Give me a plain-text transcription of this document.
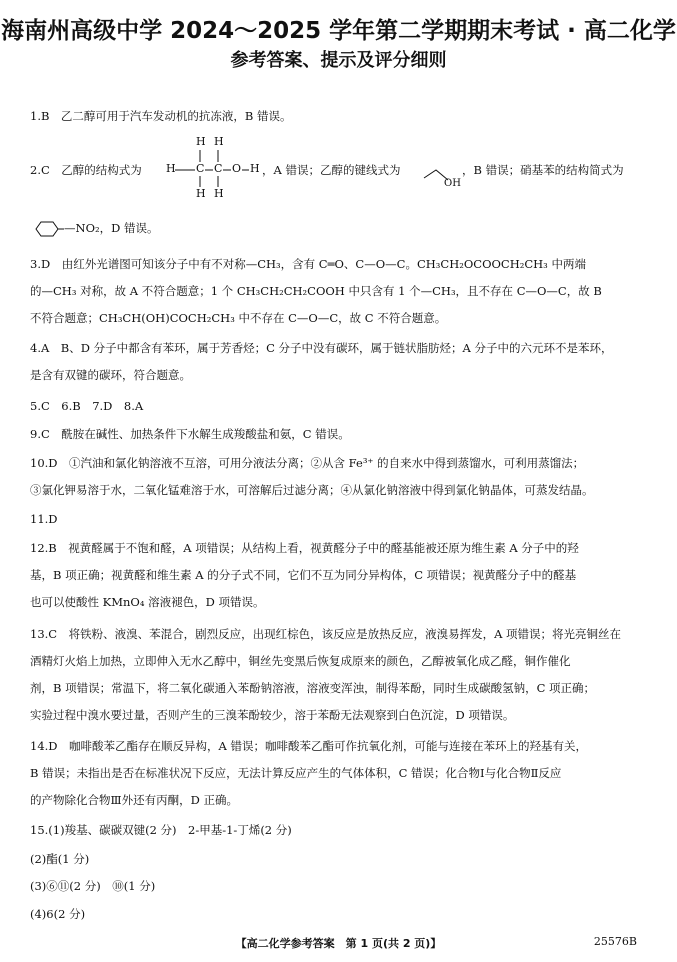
海南州高级中学 2024～2025 学年第二学期期末考试 · 高二化学
参考答案、提示及评分细则
1.B　乙二醇可用于汽车发动机的抗冻液，B 错误。
2.C　乙醇的结构式为
H H
H C C O H
H H
，A 错误；乙醇的键线式为
OH
，B 错误；硝基苯的结构简式为
—NO₂，D 错误。
3.D　由红外光谱图可知该分子中有不对称—CH₃，含有 C═O、C—O—C。CH₃CH₂OCOOCH₂CH₃ 中两端
的—CH₃ 对称，故 A 不符合题意；1 个 CH₃CH₂CH₂COOH 中只含有 1 个—CH₃，且不存在 C—O—C，故 B
不符合题意；CH₃CH(OH)COCH₂CH₃ 中不存在 C—O—C，故 C 不符合题意。
4.A　B、D 分子中都含有苯环，属于芳香烃；C 分子中没有碳环，属于链状脂肪烃；A 分子中的六元环不是苯环，
是含有双键的碳环，符合题意。
5.C　6.B　7.D　8.A
9.C　酰胺在碱性、加热条件下水解生成羧酸盐和氨，C 错误。
10.D　①汽油和氯化钠溶液不互溶，可用分液法分离；②从含 Fe³⁺ 的自来水中得到蒸馏水，可利用蒸馏法；
③氯化钾易溶于水，二氧化锰难溶于水，可溶解后过滤分离；④从氯化钠溶液中得到氯化钠晶体，可蒸发结晶。
11.D
12.B　视黄醛属于不饱和醛，A 项错误；从结构上看，视黄醛分子中的醛基能被还原为维生素 A 分子中的羟
基，B 项正确；视黄醛和维生素 A 的分子式不同，它们不互为同分异构体，C 项错误；视黄醛分子中的醛基
也可以使酸性 KMnO₄ 溶液褪色，D 项错误。
13.C　将铁粉、液溴、苯混合，剧烈反应，出现红棕色，该反应是放热反应，液溴易挥发，A 项错误；将光亮铜丝在
酒精灯火焰上加热，立即伸入无水乙醇中，铜丝先变黑后恢复成原来的颜色，乙醇被氧化成乙醛，铜作催化
剂，B 项错误；常温下，将二氧化碳通入苯酚钠溶液，溶液变浑浊，制得苯酚，同时生成碳酸氢钠，C 项正确；
实验过程中溴水要过量，否则产生的三溴苯酚较少，溶于苯酚无法观察到白色沉淀，D 项错误。
14.D　咖啡酸苯乙酯存在顺反异构，A 错误；咖啡酸苯乙酯可作抗氧化剂，可能与连接在苯环上的羟基有关，
B 错误；未指出是否在标准状况下反应，无法计算反应产生的气体体积，C 错误；化合物Ⅰ与化合物Ⅱ反应
的产物除化合物Ⅲ外还有丙酮，D 正确。
15.(1)羧基、碳碳双键(2 分)　2-甲基-1-丁烯(2 分)
(2)酯(1 分)
(3)⑥⑪(2 分)　⑩(1 分)
(4)6(2 分)
【高二化学参考答案　第 1 页(共 2 页)】	25576B
